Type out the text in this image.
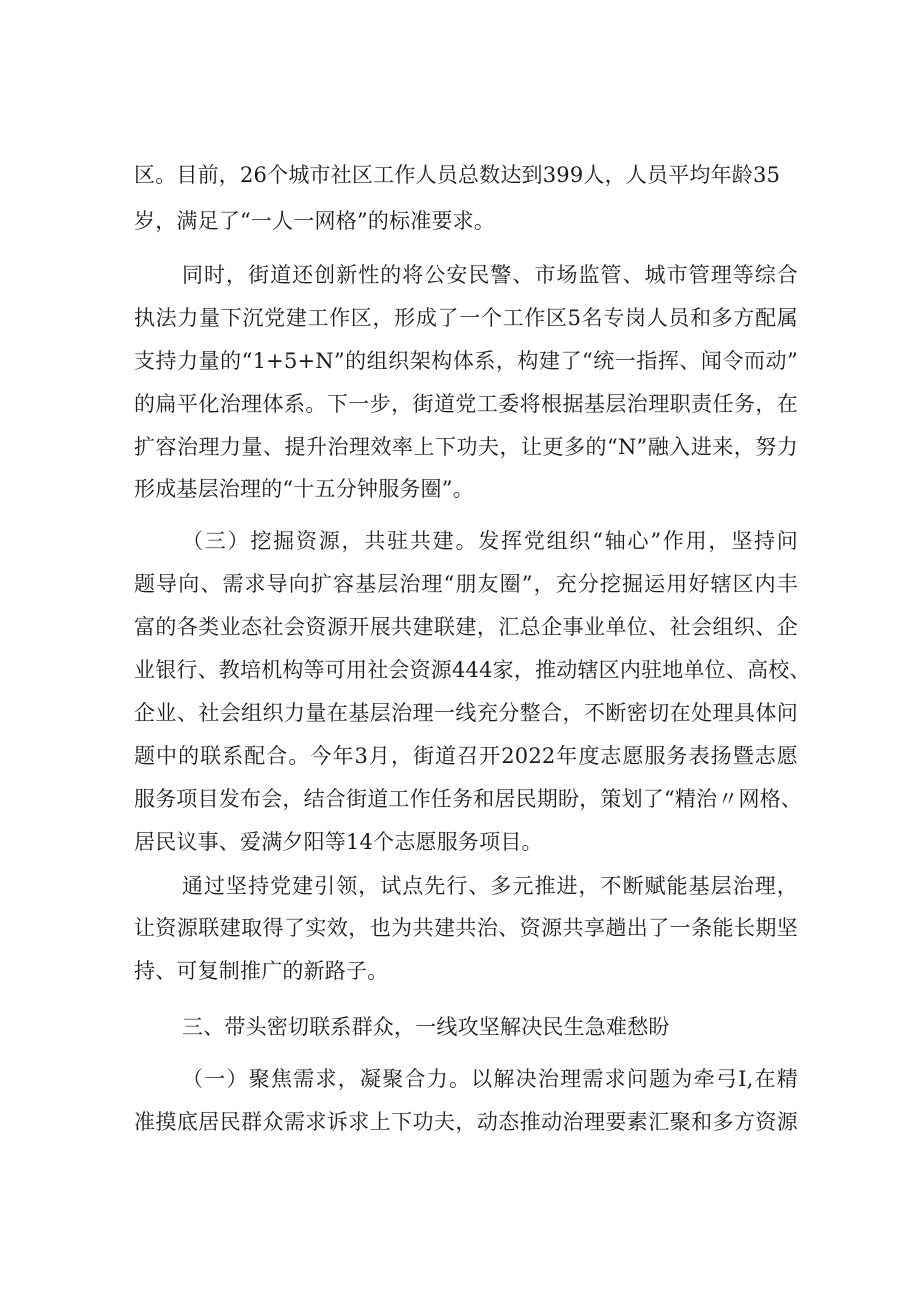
区。目前，26个城市社区工作人员总数达到399人，人员平均年龄35
岁，满足了“一人一网格”的标准要求。
同时，街道还创新性的将公安民警、市场监管、城市管理等综合
执法力量下沉党建工作区，形成了一个工作区5名专岗人员和多方配属
支持力量的“1+5+N”的组织架构体系，构建了“统一指挥、闻令而动”
的扁平化治理体系。下一步，街道党工委将根据基层治理职责任务，在
扩容治理力量、提升治理效率上下功夫，让更多的“N”融入进来，努力
形成基层治理的“十五分钟服务圈”。
（三）挖掘资源，共驻共建。发挥党组织“轴心”作用，坚持问
题导向、需求导向扩容基层治理“朋友圈”，充分挖掘运用好辖区内丰
富的各类业态社会资源开展共建联建，汇总企事业单位、社会组织、企
业银行、教培机构等可用社会资源444家，推动辖区内驻地单位、高校、
企业、社会组织力量在基层治理一线充分整合，不断密切在处理具体问
题中的联系配合。今年3月，街道召开2022年度志愿服务表扬暨志愿
服务项目发布会，结合街道工作任务和居民期盼，策划了“精治〃网格、
居民议事、爱满夕阳等14个志愿服务项目。
通过坚持党建引领，试点先行、多元推进，不断赋能基层治理，
让资源联建取得了实效，也为共建共治、资源共享趟出了一条能长期坚
持、可复制推广的新路子。
三、带头密切联系群众，一线攻坚解决民生急难愁盼
（一）聚焦需求，凝聚合力。以解决治理需求问题为牵弓I,在精
准摸底居民群众需求诉求上下功夫，动态推动治理要素汇聚和多方资源
